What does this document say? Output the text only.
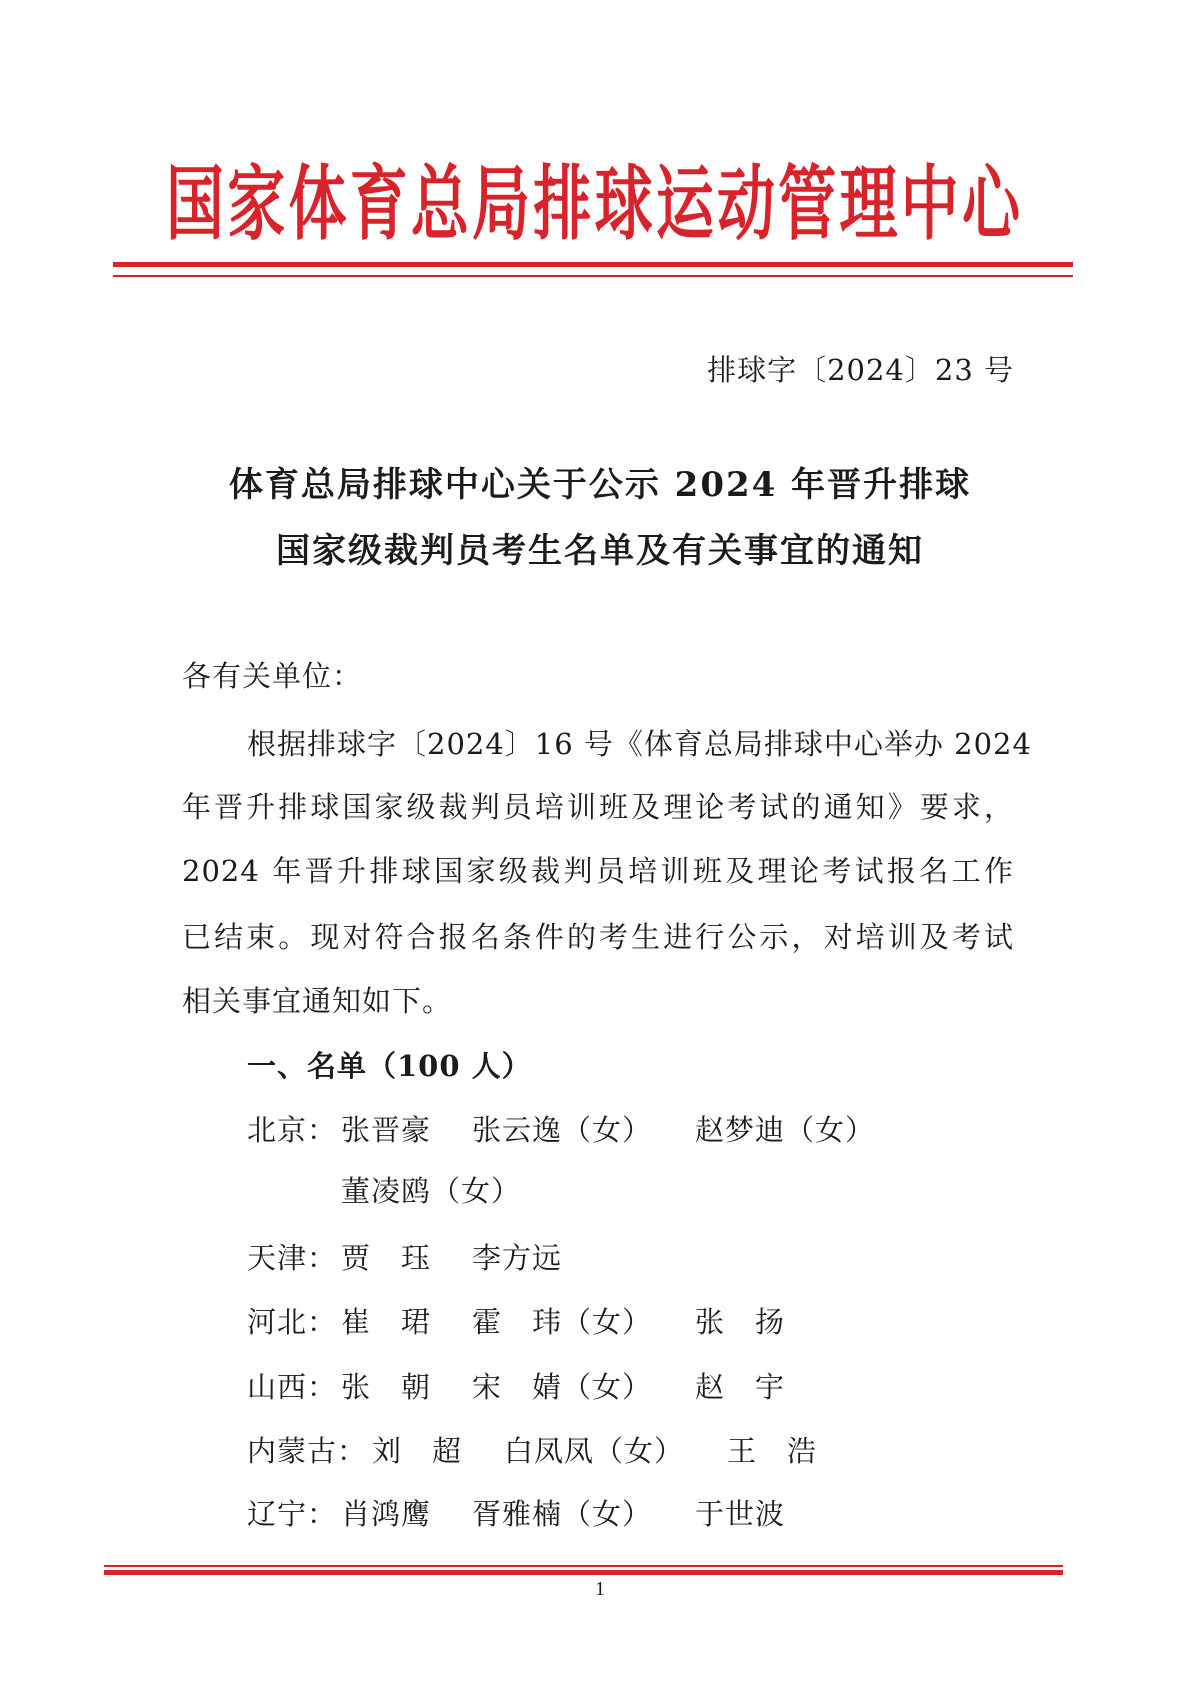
国家体育总局排球运动管理中心
排球字〔2024〕23 号
体育总局排球中心关于公示 2024 年晋升排球
国家级裁判员考生名单及有关事宜的通知
各有关单位：
根据排球字〔2024〕16 号《体育总局排球中心举办 2024
年晋升排球国家级裁判员培训班及理论考试的通知》要求，
2024 年晋升排球国家级裁判员培训班及理论考试报名工作
已结束。现对符合报名条件的考生进行公示，对培训及考试
相关事宜通知如下。
一、名单（100 人）
北京： 张晋豪 张云逸（女） 赵梦迪（女）
董凌鸥（女）
天津： 贾　珏 李方远
河北： 崔　珺 霍　玮（女） 张　扬
山西： 张　朝 宋　婧（女） 赵　宇
内蒙古： 刘　超 白凤凤（女） 王　浩
辽宁： 肖鸿鹰 胥雅楠（女） 于世波
1
